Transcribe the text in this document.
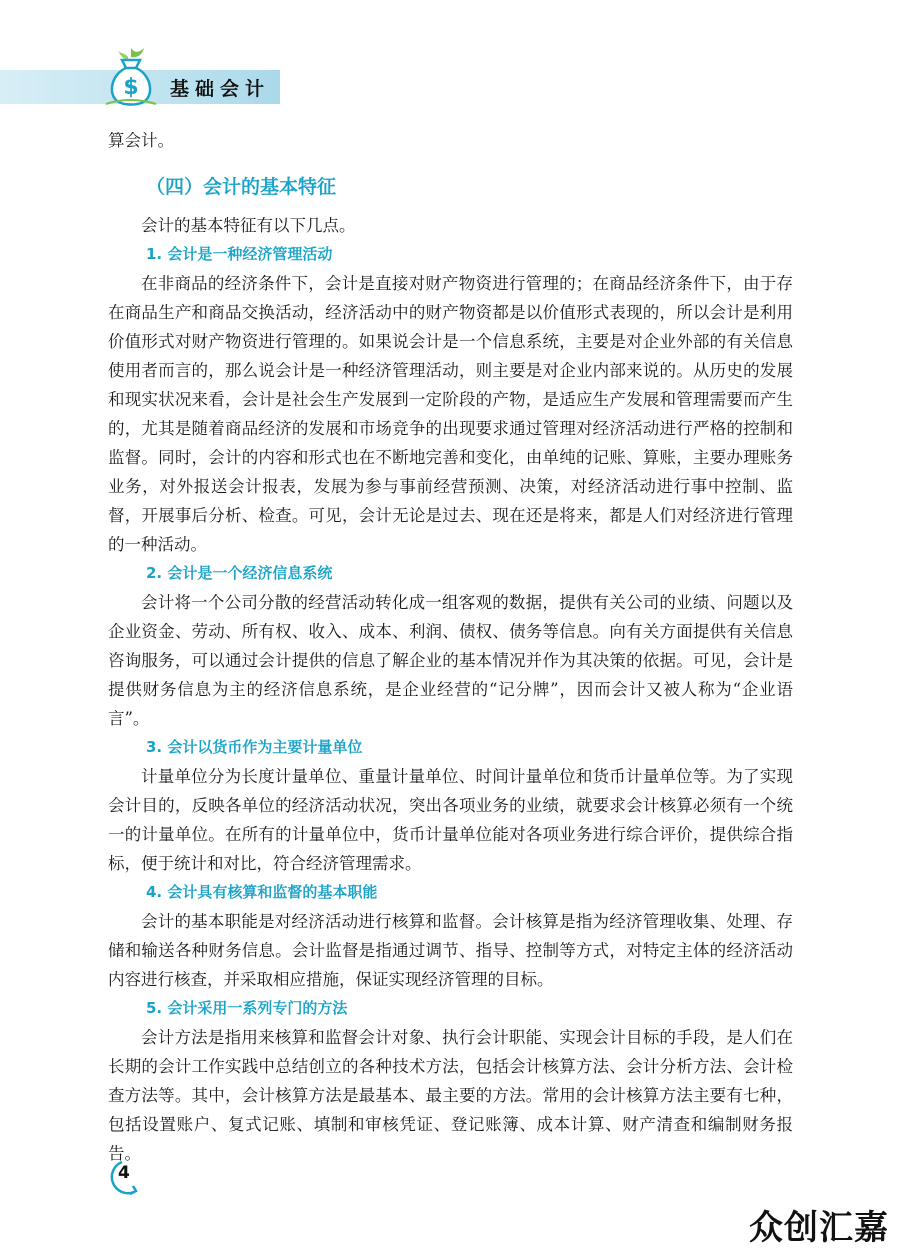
$ 基础会计

算会计。

（四）会计的基本特征

会计的基本特征有以下几点。

1. 会计是一种经济管理活动

在非商品的经济条件下，会计是直接对财产物资进行管理的；在商品经济条件下，由于存在商品生产和商品交换活动，经济活动中的财产物资都是以价值形式表现的，所以会计是利用价值形式对财产物资进行管理的。如果说会计是一个信息系统，主要是对企业外部的有关信息使用者而言的，那么说会计是一种经济管理活动，则主要是对企业内部来说的。从历史的发展和现实状况来看，会计是社会生产发展到一定阶段的产物，是适应生产发展和管理需要而产生的，尤其是随着商品经济的发展和市场竞争的出现要求通过管理对经济活动进行严格的控制和监督。同时，会计的内容和形式也在不断地完善和变化，由单纯的记账、算账，主要办理账务业务，对外报送会计报表，发展为参与事前经营预测、决策，对经济活动进行事中控制、监督，开展事后分析、检查。可见，会计无论是过去、现在还是将来，都是人们对经济进行管理的一种活动。

2. 会计是一个经济信息系统

会计将一个公司分散的经营活动转化成一组客观的数据，提供有关公司的业绩、问题以及企业资金、劳动、所有权、收入、成本、利润、债权、债务等信息。向有关方面提供有关信息咨询服务，可以通过会计提供的信息了解企业的基本情况并作为其决策的依据。可见，会计是提供财务信息为主的经济信息系统，是企业经营的“记分牌”，因而会计又被人称为“企业语言”。

3. 会计以货币作为主要计量单位

计量单位分为长度计量单位、重量计量单位、时间计量单位和货币计量单位等。为了实现会计目的，反映各单位的经济活动状况，突出各项业务的业绩，就要求会计核算必须有一个统一的计量单位。在所有的计量单位中，货币计量单位能对各项业务进行综合评价，提供综合指标，便于统计和对比，符合经济管理需求。

4. 会计具有核算和监督的基本职能

会计的基本职能是对经济活动进行核算和监督。会计核算是指为经济管理收集、处理、存储和输送各种财务信息。会计监督是指通过调节、指导、控制等方式，对特定主体的经济活动内容进行核查，并采取相应措施，保证实现经济管理的目标。

5. 会计采用一系列专门的方法

会计方法是指用来核算和监督会计对象、执行会计职能、实现会计目标的手段，是人们在长期的会计工作实践中总结创立的各种技术方法，包括会计核算方法、会计分析方法、会计检查方法等。其中，会计核算方法是最基本、最主要的方法。常用的会计核算方法主要有七种，包括设置账户、复式记账、填制和审核凭证、登记账簿、成本计算、财产清查和编制财务报告。

4
众创汇嘉
